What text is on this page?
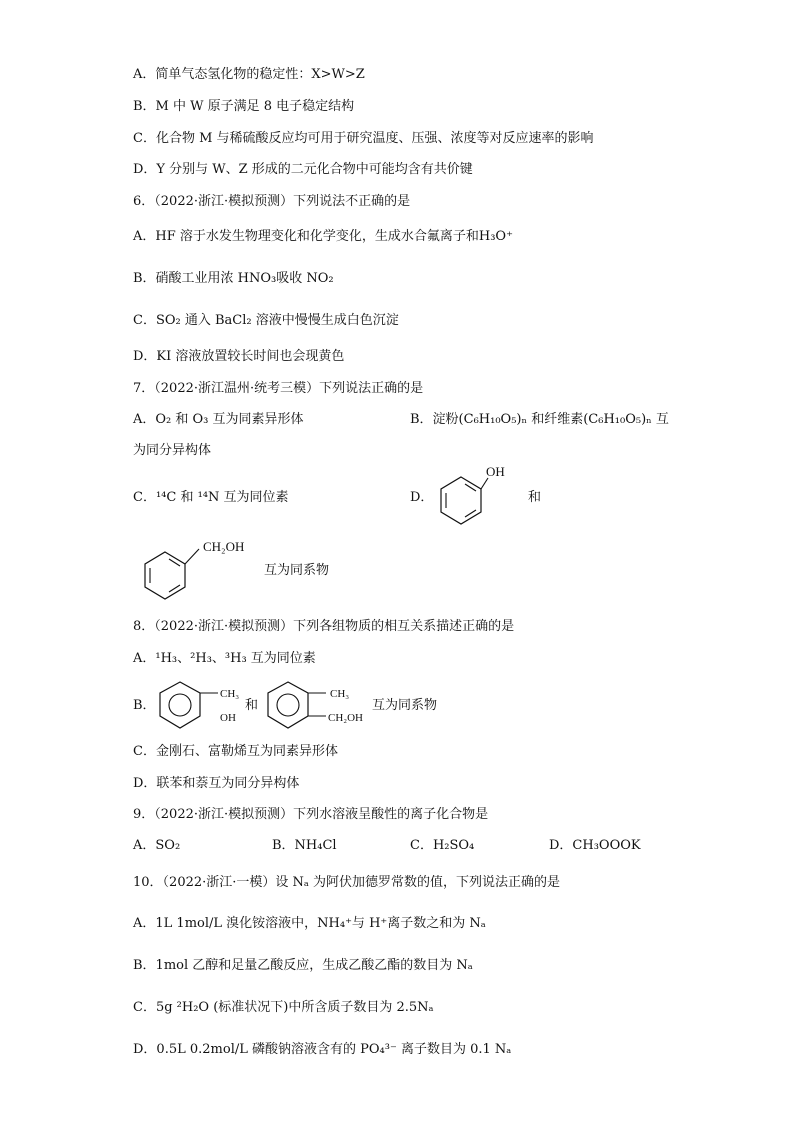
A．简单气态氢化物的稳定性：X>W>Z
B．M 中 W 原子满足 8 电子稳定结构
C．化合物 M 与稀硫酸反应均可用于研究温度、压强、浓度等对反应速率的影响
D．Y 分别与 W、Z 形成的二元化合物中可能均含有共价键
6．（2022·浙江·模拟预测）下列说法不正确的是
A．HF 溶于水发生物理变化和化学变化，生成水合氟离子和H₃O⁺
B．硝酸工业用浓 HNO₃吸收 NO₂
C．SO₂ 通入 BaCl₂ 溶液中慢慢生成白色沉淀
D．KI 溶液放置较长时间也会现黄色
7．（2022·浙江温州·统考三模）下列说法正确的是
A．O₂ 和 O₃ 互为同素异形体	B．淀粉(C₆H₁₀O₅)ₙ 和纤维素(C₆H₁₀O₅)ₙ 互
为同分异构体
C．¹⁴C 和 ¹⁴N 互为同位素	D．
OH
和
CH₂OH
互为同系物
8．（2022·浙江·模拟预测）下列各组物质的相互关系描述正确的是
A．¹H₃、²H₃、³H₃ 互为同位素
B．
CH₃
OH
和
CH₃
CH₂OH
互为同系物
C．金刚石、富勒烯互为同素异形体
D．联苯和萘互为同分异构体
9．（2022·浙江·模拟预测）下列水溶液呈酸性的离子化合物是
A．SO₂	B．NH₄Cl	C．H₂SO₄	D．CH₃OOOK
10．（2022·浙江·一模）设 Nₐ 为阿伏加德罗常数的值，下列说法正确的是
A．1L 1mol/L 溴化铵溶液中，NH₄⁺与 H⁺离子数之和为 Nₐ
B．1mol 乙醇和足量乙酸反应，生成乙酸乙酯的数目为 Nₐ
C．5g ²H₂O (标准状况下)中所含质子数目为 2.5Nₐ
D．0.5L 0.2mol/L 磷酸钠溶液含有的 PO₄³⁻ 离子数目为 0.1 Nₐ
